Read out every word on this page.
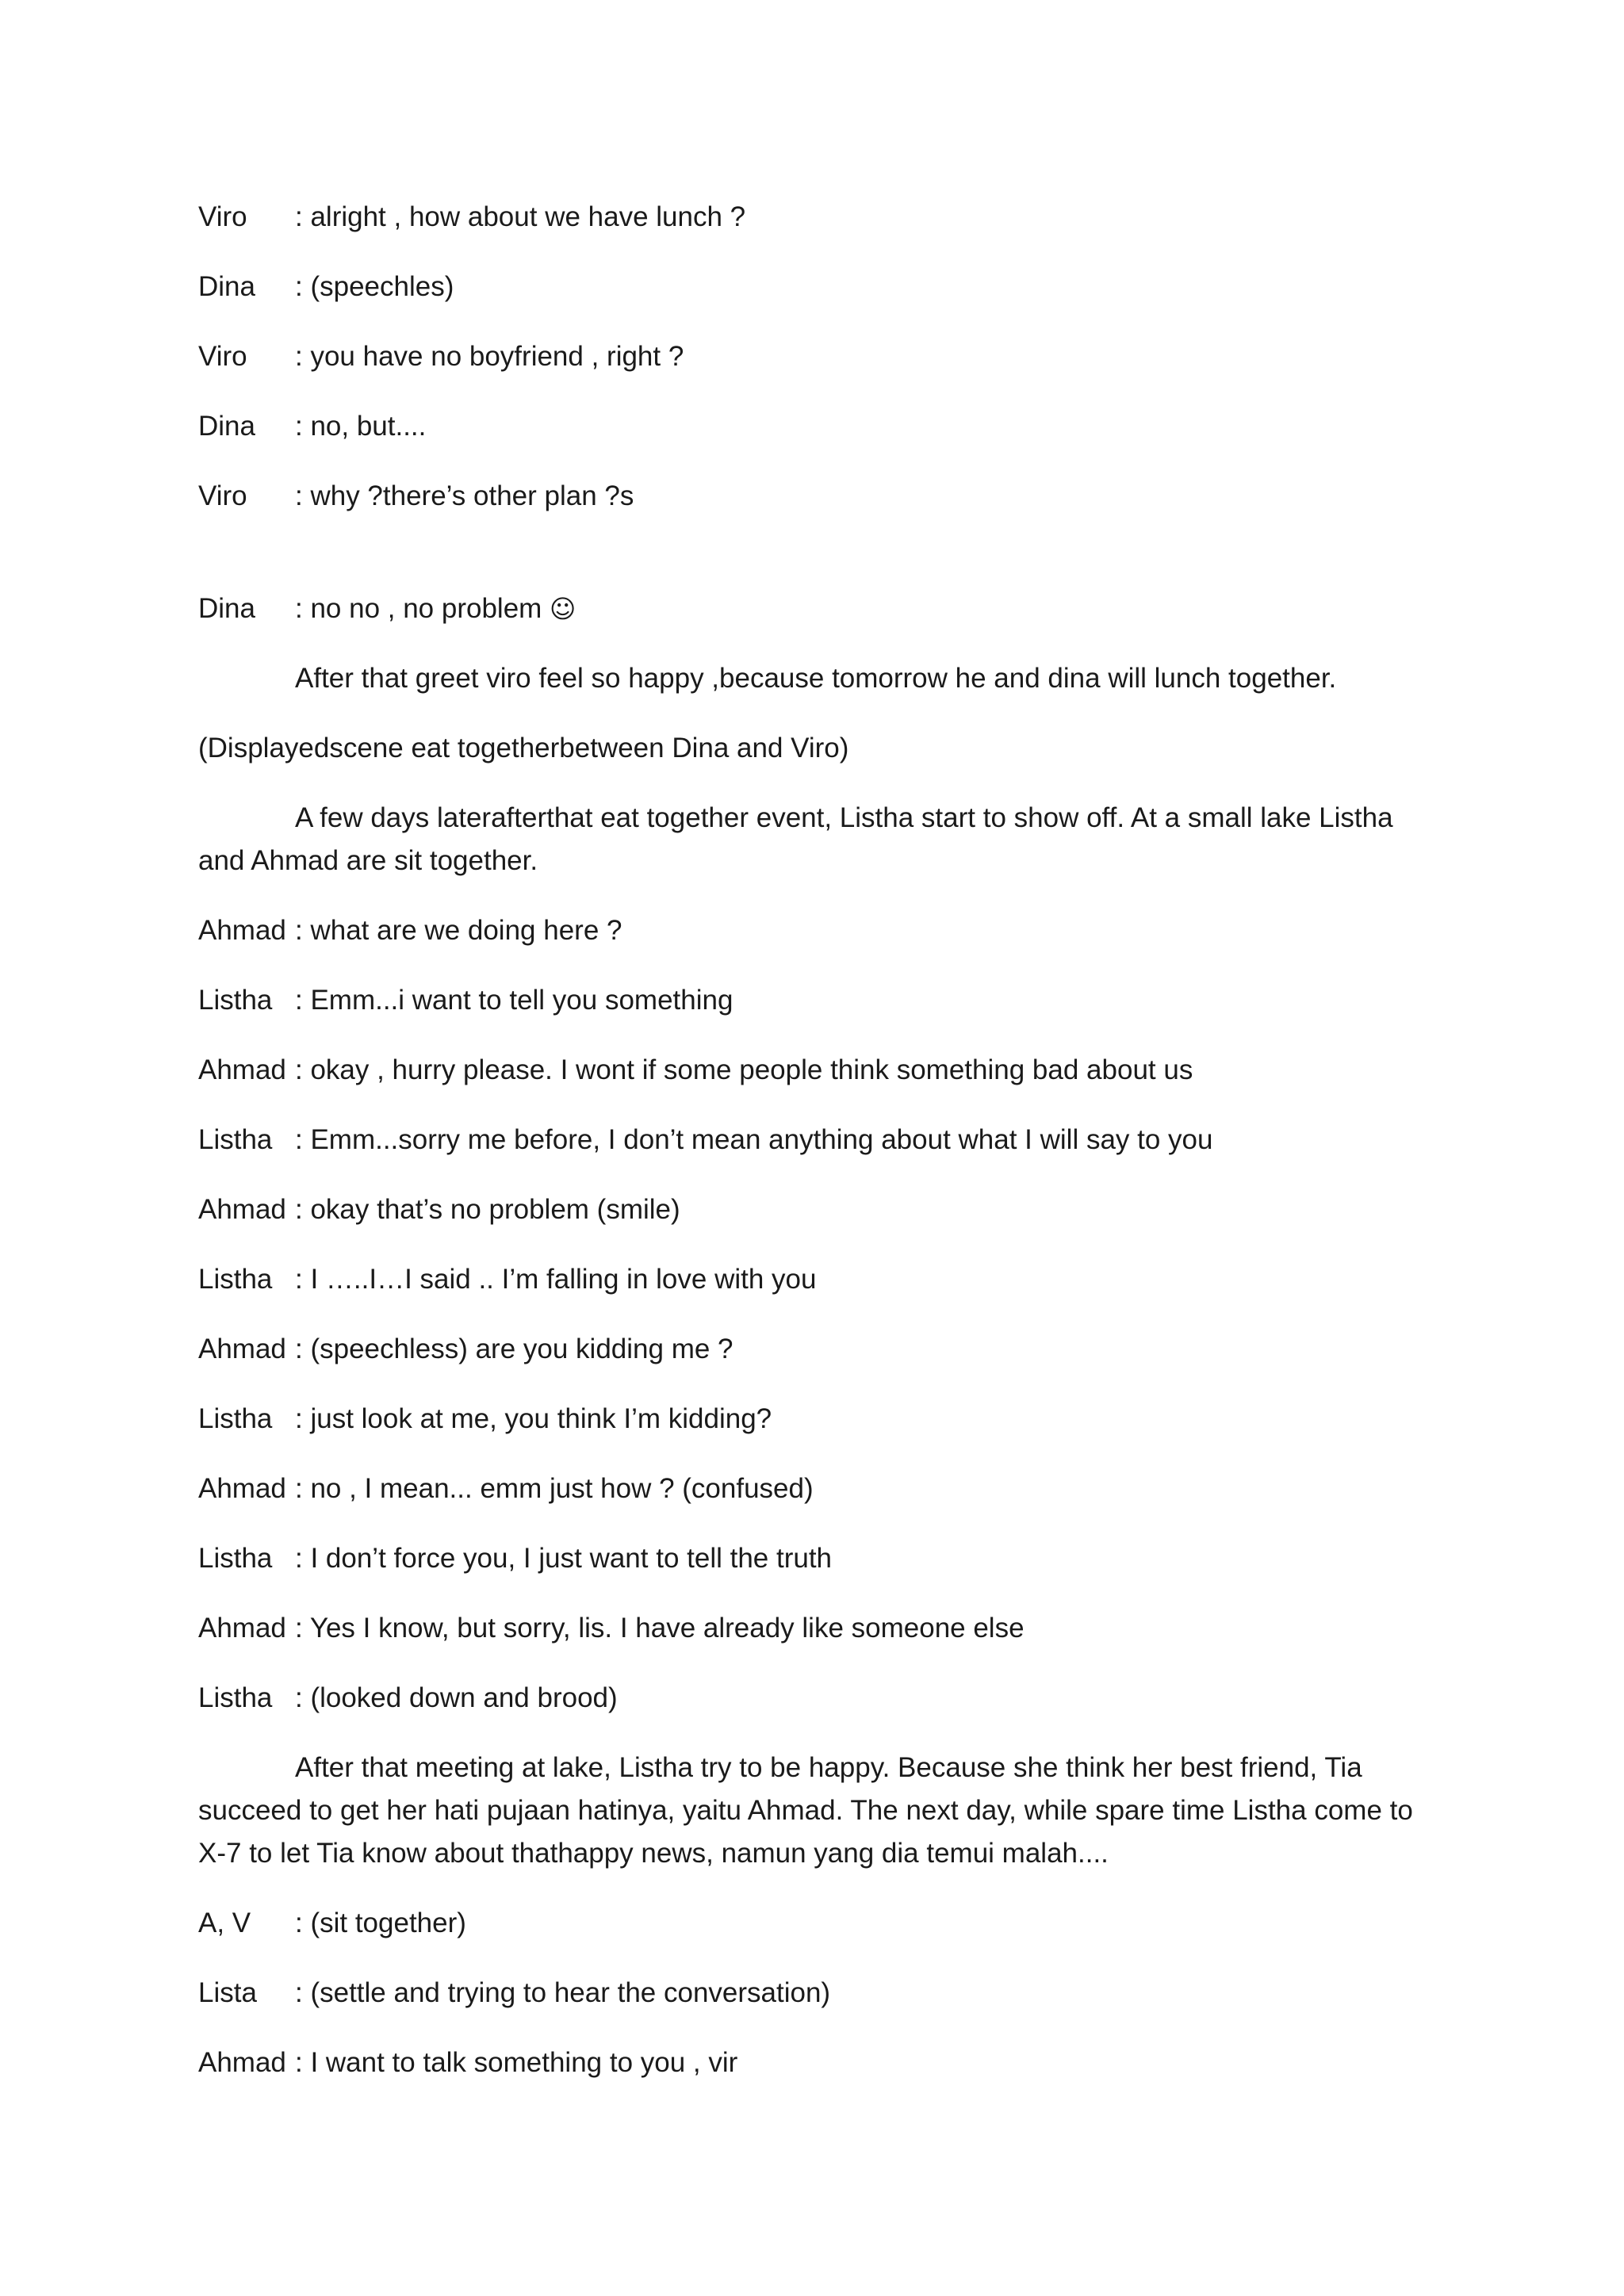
Viro : alright , how about we have lunch ?
Dina : (speechles)
Viro : you have no boyfriend , right ?
Dina : no, but....
Viro : why ?there’s other plan ?s
Dina : no no , no problem ☺
After that greet viro feel so happy ,because tomorrow he and dina will lunch together.
(Displayedscene eat togetherbetween Dina and Viro)
A few days laterafterthat eat together event, Listha start to show off. At a small lake Listha and Ahmad are sit together.
Ahmad : what are we doing here ?
Listha : Emm...i want to tell you something
Ahmad : okay , hurry please. I wont if some people think something bad about us
Listha : Emm...sorry me before, I don’t mean anything about what I will say to you
Ahmad : okay that’s no problem (smile)
Listha : I …..I…I said .. I’m falling in love with you
Ahmad : (speechless) are you kidding me ?
Listha : just look at me, you think I’m kidding?
Ahmad : no , I mean... emm just how ? (confused)
Listha : I don’t force you, I just want to tell the truth
Ahmad : Yes I know, but sorry, lis. I have already like someone else
Listha : (looked down and brood)
After that meeting at lake, Listha try to be happy. Because she think her best friend, Tia succeed to get her hati pujaan hatinya, yaitu Ahmad. The next day, while spare time Listha come to X-7 to let Tia know about thathappy news, namun yang dia temui malah....
A, V : (sit together)
Lista : (settle and trying to hear the conversation)
Ahmad : I want to talk something to you , vir
